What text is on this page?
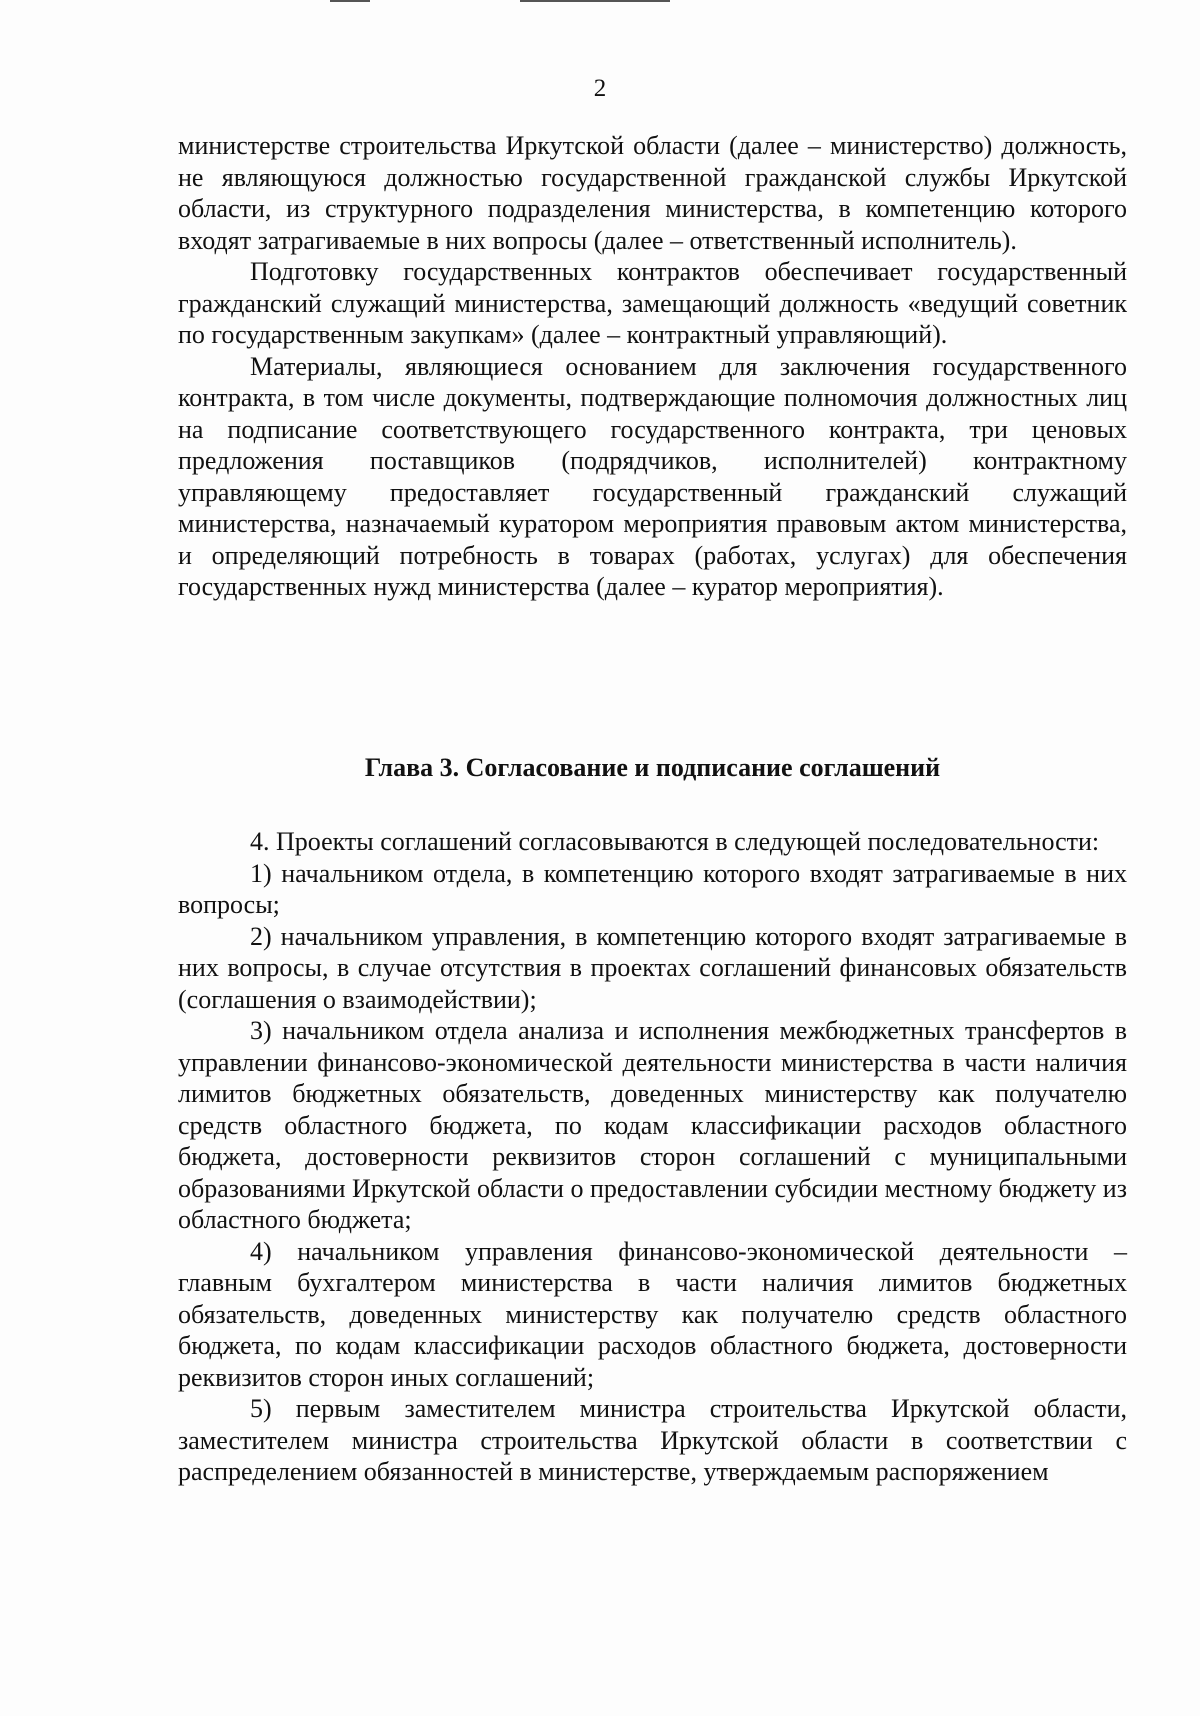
2

министерстве строительства Иркутской области (далее – министерство) должность, не являющуюся должностью государственной гражданской службы Иркутской области, из структурного подразделения министерства, в компетенцию которого входят затрагиваемые в них вопросы (далее – ответственный исполнитель).

Подготовку государственных контрактов обеспечивает государственный гражданский служащий министерства, замещающий должность «ведущий советник по государственным закупкам» (далее – контрактный управляющий).

Материалы, являющиеся основанием для заключения государственного контракта, в том числе документы, подтверждающие полномочия должностных лиц на подписание соответствующего государственного контракта, три ценовых предложения поставщиков (подрядчиков, исполнителей) контрактному управляющему предоставляет государственный гражданский служащий министерства, назначаемый куратором мероприятия правовым актом министерства, и определяющий потребность в товарах (работах, услугах) для обеспечения государственных нужд министерства (далее – куратор мероприятия).

Глава 3. Согласование и подписание соглашений

4. Проекты соглашений согласовываются в следующей последовательности:

1) начальником отдела, в компетенцию которого входят затрагиваемые в них вопросы;

2) начальником управления, в компетенцию которого входят затрагиваемые в них вопросы, в случае отсутствия в проектах соглашений финансовых обязательств (соглашения о взаимодействии);

3) начальником отдела анализа и исполнения межбюджетных трансфертов в управлении финансово-экономической деятельности министерства в части наличия лимитов бюджетных обязательств, доведенных министерству как получателю средств областного бюджета, по кодам классификации расходов областного бюджета, достоверности реквизитов сторон соглашений с муниципальными образованиями Иркутской области о предоставлении субсидии местному бюджету из областного бюджета;

4) начальником управления финансово-экономической деятельности – главным бухгалтером министерства в части наличия лимитов бюджетных обязательств, доведенных министерству как получателю средств областного бюджета, по кодам классификации расходов областного бюджета, достоверности реквизитов сторон иных соглашений;

5) первым заместителем министра строительства Иркутской области, заместителем министра строительства Иркутской области в соответствии с распределением обязанностей в министерстве, утверждаемым распоряжением
